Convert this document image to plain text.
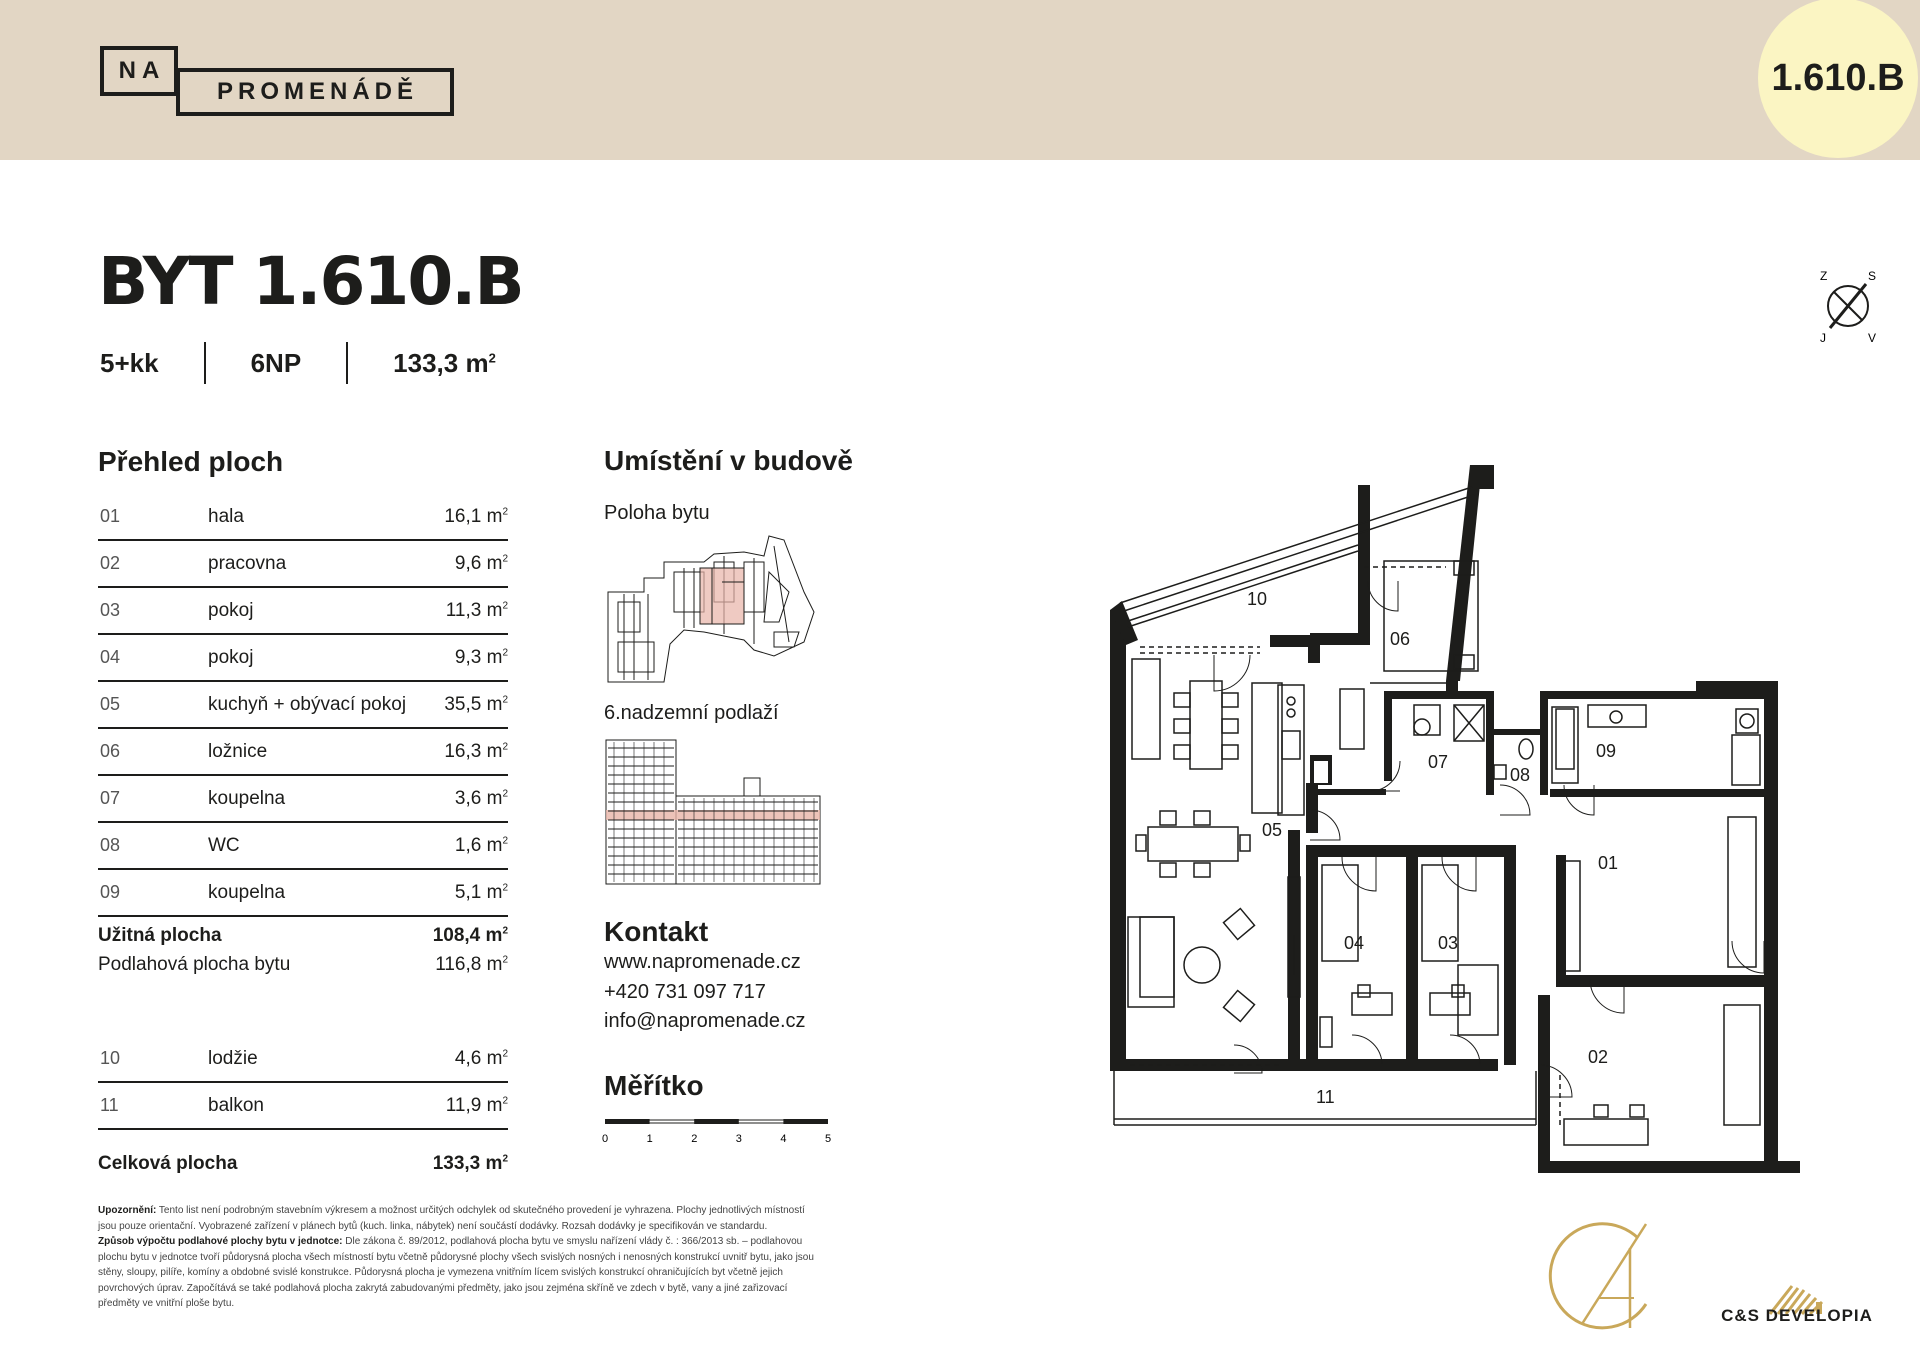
NA
PROMENÁDĚ	1.610.B
BYT 1.610.B
5+kk	6NP	133,3 $m^2$
Z	S
J	V
Přehled ploch
01	hala	16,1 $m^2$
02	pracovna	9,6 $m^2$
03	pokoj	11,3 $m^2$
04	pokoj	9,3 $m^2$
05	kuchyň + obývací pokoj 35,5 $m^2$
06	ložnice	16,3 $m^2$
07	koupelna	3,6 $m^2$
08	WC	1,6 $m^2$
09	koupelna	5,1 $m^2$
Užitná plocha	108,4 $m^2$
Podlahová plocha bytu	116,8 $m^2$
10	lodžie	4,6 $m^2$
11	balkon	11,9 $m^2$
Celková plocha	133,3 $m^2$
Umístění v budově
Poloha bytu
6.nadzemní podlaží
Kontakt
www.napromenade.cz
+420 731 097 717
info@napromenade.cz
Měřítko
0	1	2	3	4	5
Upozornění: Tento list není podrobným stavebním výkresem a možnost určitých odchylek od skutečného provedení je vyhrazena. Plochy jednotlivých místností jsou pouze orientační. Vyobrazené zařízení v plánech bytů (kuch. linka, nábytek) není součástí dodávky. Rozsah dodávky je specifikován ve standardu.
Způsob výpočtu podlahové plochy bytu v jednotce: Dle zákona č. 89/2012, podlahová plocha bytu ve smyslu nařízení vlády č. : 366/2013 sb. – podlahovou plochu bytu v jednotce tvoří půdorysná plocha všech místností bytu včetně půdorysné plochy všech svislých nosných i nenosných konstrukcí uvnitř bytu, jako jsou stěny, sloupy, pilíře, komíny a obdobné svislé konstrukce. Půdorysná plocha je vymezena vnitřním lícem svislých konstrukcí ohraničujících byt včetně jejich povrchových úprav. Započítává se také podlahová plocha zakrytá zabudovanými předměty, jako jsou zejména skříně ve zdech v bytě, vany a jiné zařizovací předměty ve vnitřní ploše bytu.
10
06
07
08
09
05
01
04	03
02
11
C&S DEVELOPIA
